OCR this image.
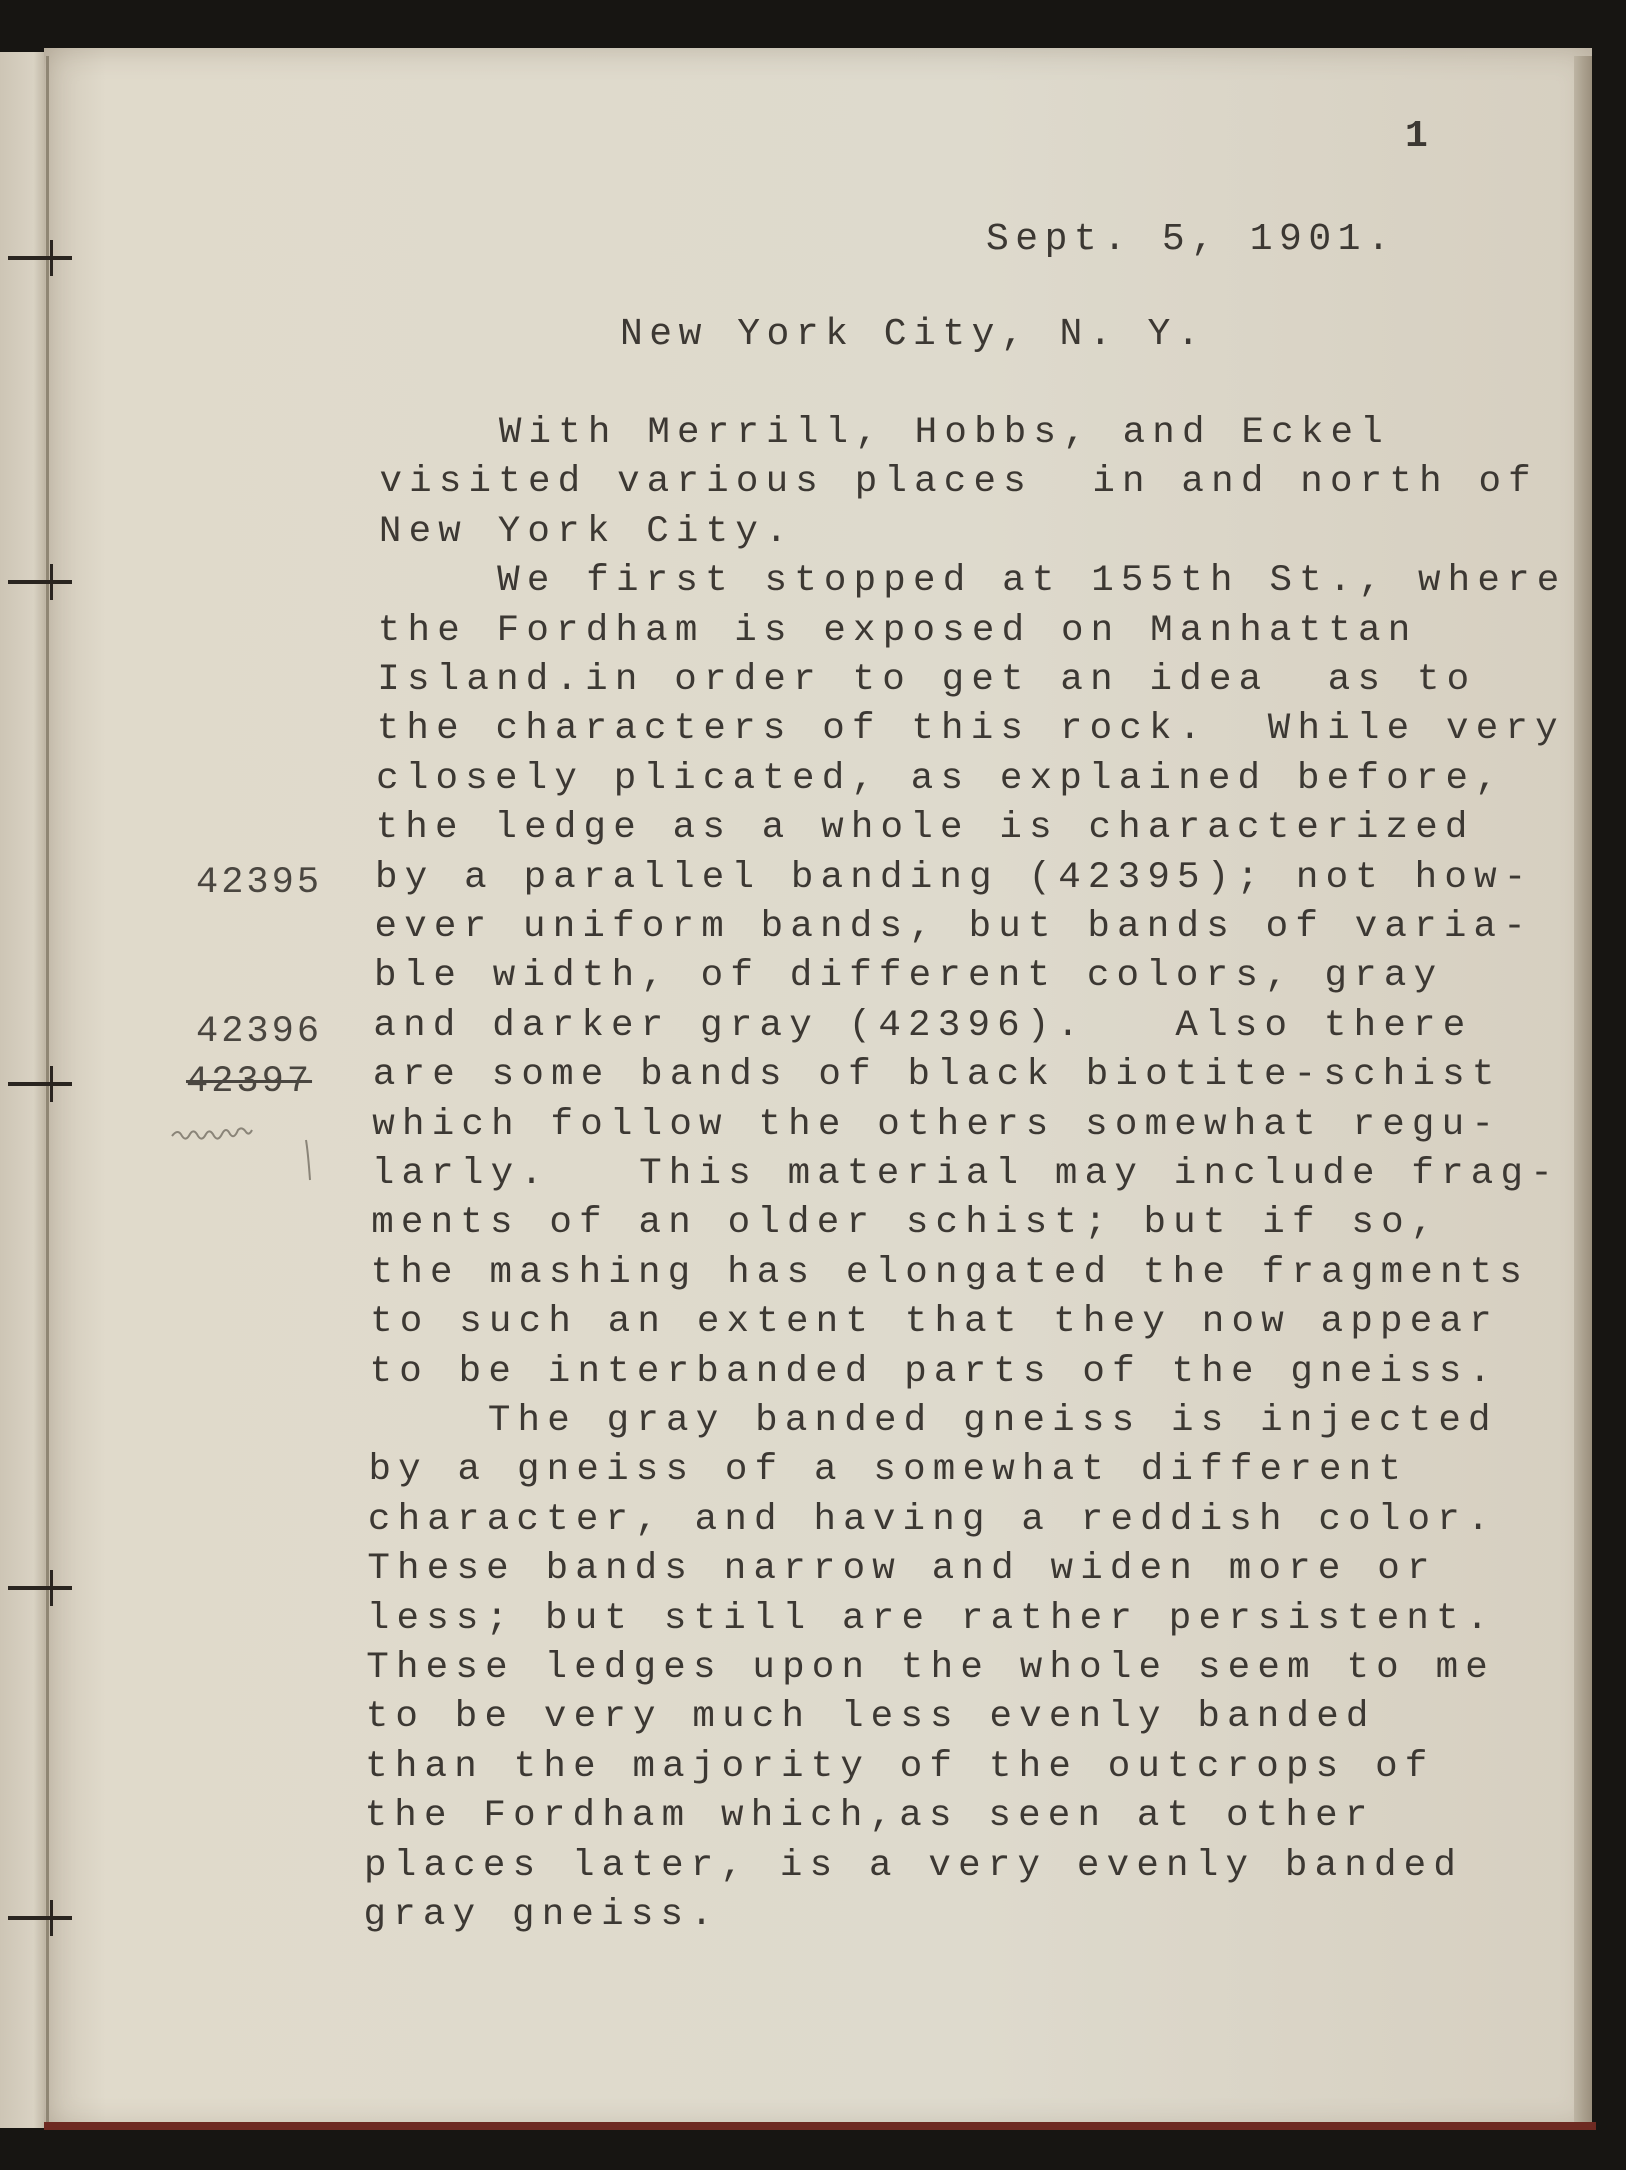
1
Sept. 5, 1901.
New York City, N. Y.
42395
42396
42397
With Merrill, Hobbs, and Eckel
visited various places  in and north of
New York City.
We first stopped at 155th St., where
the Fordham is exposed on Manhattan
Island.in order to get an idea  as to
the characters of this rock.  While very
closely plicated, as explained before,
the ledge as a whole is characterized
by a parallel banding (42395); not how-
ever uniform bands, but bands of varia-
ble width, of different colors, gray
and darker gray (42396).   Also there
are some bands of black biotite-schist
which follow the others somewhat regu-
larly.   This material may include frag-
ments of an older schist; but if so,
the mashing has elongated the fragments
to such an extent that they now appear
to be interbanded parts of the gneiss.
The gray banded gneiss is injected
by a gneiss of a somewhat different
character, and having a reddish color.
These bands narrow and widen more or
less; but still are rather persistent.
These ledges upon the whole seem to me
to be very much less evenly banded
than the majority of the outcrops of
the Fordham which,as seen at other
places later, is a very evenly banded
gray gneiss.
